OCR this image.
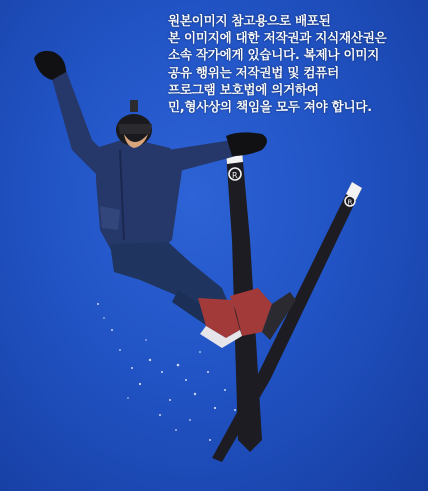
R
R
원본이미지 참고용으로 배포된
본 이미지에 대한 저작권과 지식재산권은
소속 작가에게 있습니다. 복제나 이미지
공유 행위는 저작권법 및 컴퓨터
프로그램 보호법에 의거하여
민,형사상의 책임을 모두 져야 합니다.
